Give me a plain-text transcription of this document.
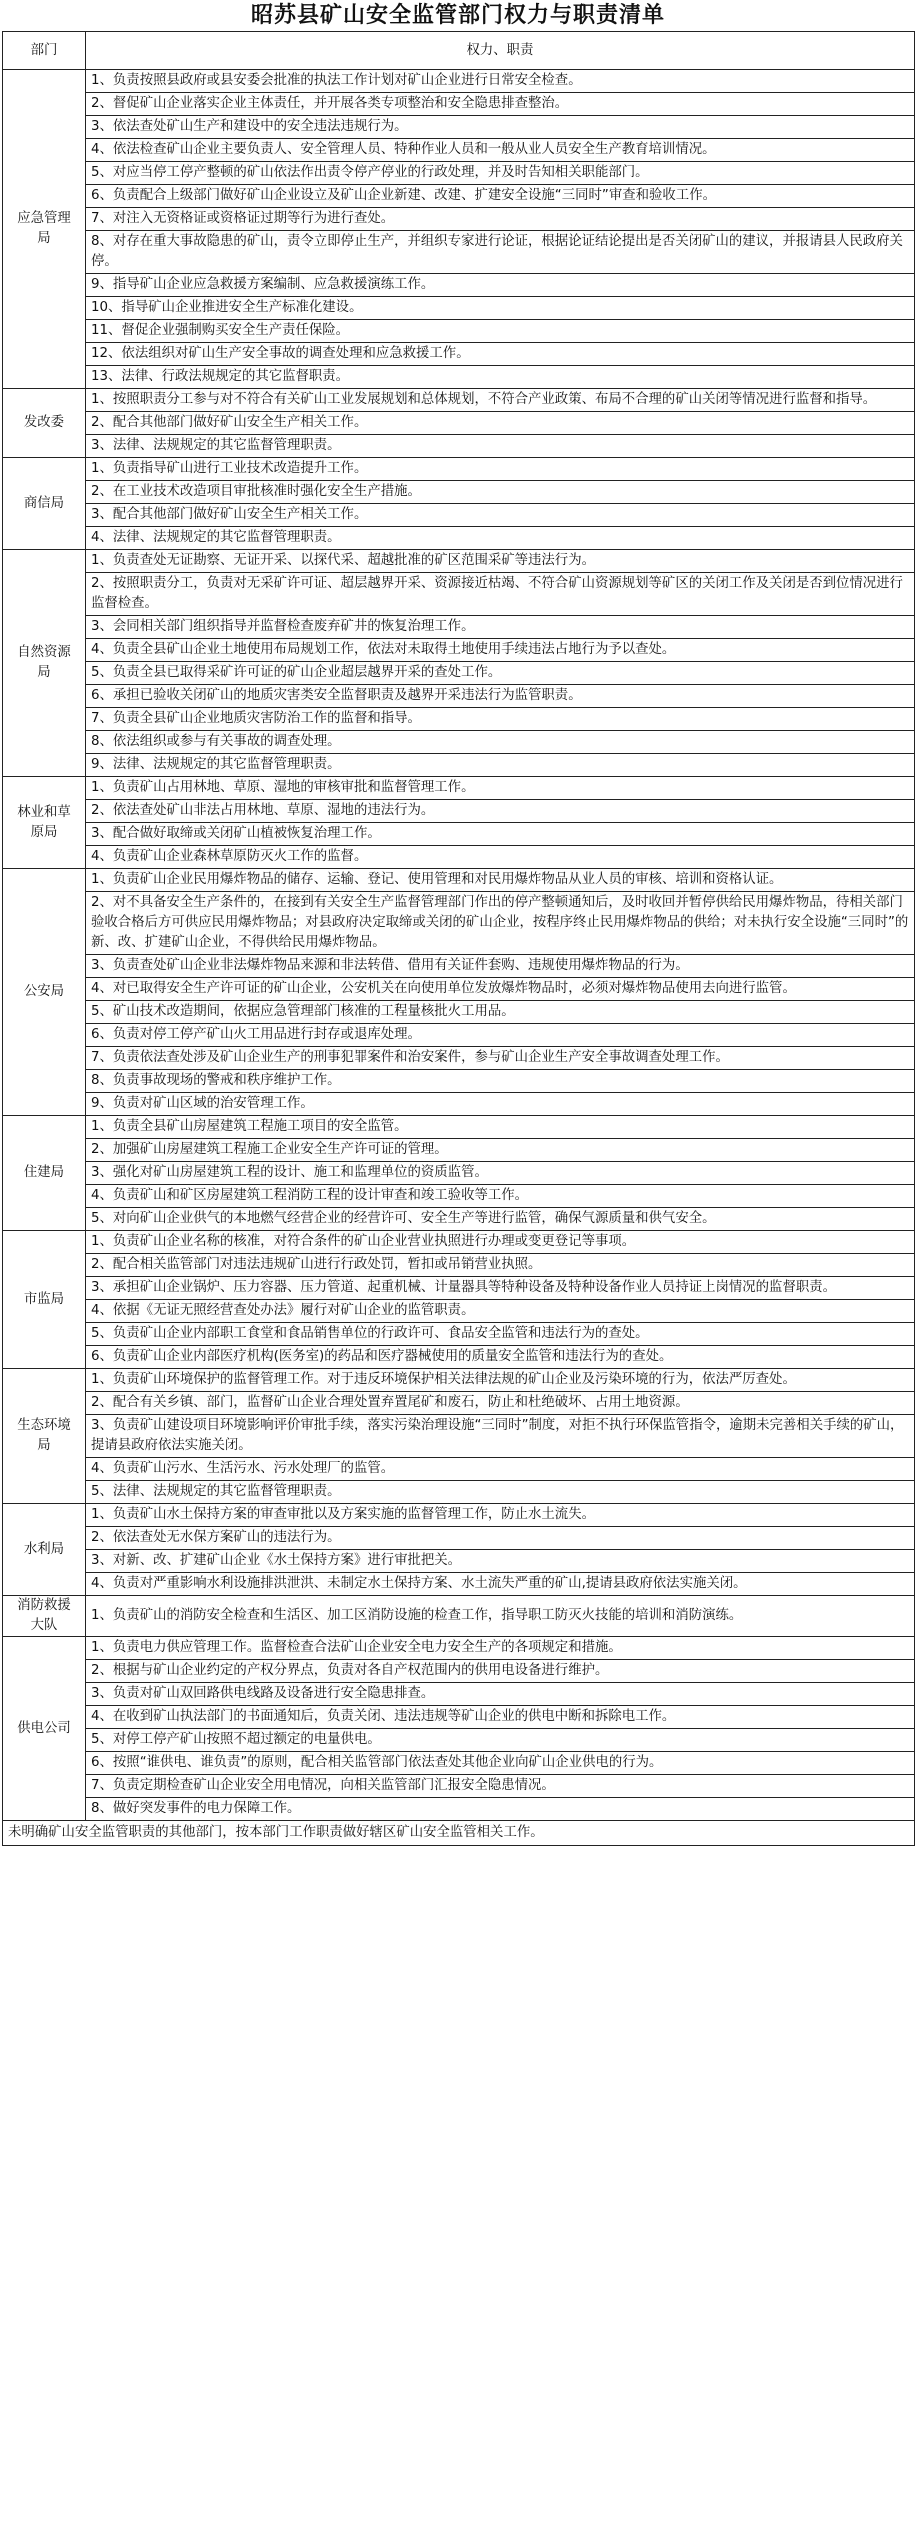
昭苏县矿山安全监管部门权力与职责清单
部门	权力、职责
应急管理局	1、负责按照县政府或县安委会批准的执法工作计划对矿山企业进行日常安全检查。
	2、督促矿山企业落实企业主体责任，并开展各类专项整治和安全隐患排查整治。
	3、依法查处矿山生产和建设中的安全违法违规行为。
	4、依法检查矿山企业主要负责人、安全管理人员、特种作业人员和一般从业人员安全生产教育培训情况。
	5、对应当停工停产整顿的矿山依法作出责令停产停业的行政处理，并及时告知相关职能部门。
	6、负责配合上级部门做好矿山企业设立及矿山企业新建、改建、扩建安全设施“三同时”审查和验收工作。
	7、对注入无资格证或资格证过期等行为进行查处。
	8、对存在重大事故隐患的矿山，责令立即停止生产，并组织专家进行论证，根据论证结论提出是否关闭矿山的建议，并报请县人民政府关停。
	9、指导矿山企业应急救援方案编制、应急救援演练工作。
	10、指导矿山企业推进安全生产标准化建设。
	11、督促企业强制购买安全生产责任保险。
	12、依法组织对矿山生产安全事故的调查处理和应急救援工作。
	13、法律、行政法规规定的其它监督职责。
发改委	1、按照职责分工参与对不符合有关矿山工业发展规划和总体规划，不符合产业政策、布局不合理的矿山关闭等情况进行监督和指导。
	2、配合其他部门做好矿山安全生产相关工作。
	3、法律、法规规定的其它监督管理职责。
商信局	1、负责指导矿山进行工业技术改造提升工作。
	2、在工业技术改造项目审批核准时强化安全生产措施。
	3、配合其他部门做好矿山安全生产相关工作。
	4、法律、法规规定的其它监督管理职责。
自然资源局	1、负责查处无证勘察、无证开采、以探代采、超越批准的矿区范围采矿等违法行为。
	2、按照职责分工，负责对无采矿许可证、超层越界开采、资源接近枯竭、不符合矿山资源规划等矿区的关闭工作及关闭是否到位情况进行监督检查。
	3、会同相关部门组织指导并监督检查废弃矿井的恢复治理工作。
	4、负责全县矿山企业土地使用布局规划工作，依法对未取得土地使用手续违法占地行为予以查处。
	5、负责全县已取得采矿许可证的矿山企业超层越界开采的查处工作。
	6、承担已验收关闭矿山的地质灾害类安全监督职责及越界开采违法行为监管职责。
	7、负责全县矿山企业地质灾害防治工作的监督和指导。
	8、依法组织或参与有关事故的调查处理。
	9、法律、法规规定的其它监督管理职责。
林业和草原局	1、负责矿山占用林地、草原、湿地的审核审批和监督管理工作。
	2、依法查处矿山非法占用林地、草原、湿地的违法行为。
	3、配合做好取缔或关闭矿山植被恢复治理工作。
	4、负责矿山企业森林草原防灭火工作的监督。
公安局	1、负责矿山企业民用爆炸物品的储存、运输、登记、使用管理和对民用爆炸物品从业人员的审核、培训和资格认证。
	2、对不具备安全生产条件的，在接到有关安全生产监督管理部门作出的停产整顿通知后，及时收回并暂停供给民用爆炸物品，待相关部门验收合格后方可供应民用爆炸物品；对县政府决定取缔或关闭的矿山企业，按程序终止民用爆炸物品的供给；对未执行安全设施“三同时”的新、改、扩建矿山企业，不得供给民用爆炸物品。
	3、负责查处矿山企业非法爆炸物品来源和非法转借、借用有关证件套购、违规使用爆炸物品的行为。
	4、对已取得安全生产许可证的矿山企业，公安机关在向使用单位发放爆炸物品时，必须对爆炸物品使用去向进行监管。
	5、矿山技术改造期间，依据应急管理部门核准的工程量核批火工用品。
	6、负责对停工停产矿山火工用品进行封存或退库处理。
	7、负责依法查处涉及矿山企业生产的刑事犯罪案件和治安案件，参与矿山企业生产安全事故调查处理工作。
	8、负责事故现场的警戒和秩序维护工作。
	9、负责对矿山区域的治安管理工作。
住建局	1、负责全县矿山房屋建筑工程施工项目的安全监管。
	2、加强矿山房屋建筑工程施工企业安全生产许可证的管理。
	3、强化对矿山房屋建筑工程的设计、施工和监理单位的资质监管。
	4、负责矿山和矿区房屋建筑工程消防工程的设计审查和竣工验收等工作。
	5、对向矿山企业供气的本地燃气经营企业的经营许可、安全生产等进行监管，确保气源质量和供气安全。
市监局	1、负责矿山企业名称的核准，对符合条件的矿山企业营业执照进行办理或变更登记等事项。
	2、配合相关监管部门对违法违规矿山进行行政处罚，暂扣或吊销营业执照。
	3、承担矿山企业锅炉、压力容器、压力管道、起重机械、计量器具等特种设备及特种设备作业人员持证上岗情况的监督职责。
	4、依据《无证无照经营查处办法》履行对矿山企业的监管职责。
	5、负责矿山企业内部职工食堂和食品销售单位的行政许可、食品安全监管和违法行为的查处。
	6、负责矿山企业内部医疗机构(医务室)的药品和医疗器械使用的质量安全监管和违法行为的查处。
生态环境局	1、负责矿山环境保护的监督管理工作。对于违反环境保护相关法律法规的矿山企业及污染环境的行为，依法严厉查处。
	2、配合有关乡镇、部门，监督矿山企业合理处置弃置尾矿和废石，防止和杜绝破坏、占用土地资源。
	3、负责矿山建设项目环境影响评价审批手续，落实污染治理设施“三同时”制度，对拒不执行环保监管指令，逾期未完善相关手续的矿山，提请县政府依法实施关闭。
	4、负责矿山污水、生活污水、污水处理厂的监管。
	5、法律、法规规定的其它监督管理职责。
水利局	1、负责矿山水土保持方案的审查审批以及方案实施的监督管理工作，防止水土流失。
	2、依法查处无水保方案矿山的违法行为。
	3、对新、改、扩建矿山企业《水土保持方案》进行审批把关。
	4、负责对严重影响水利设施排洪泄洪、未制定水土保持方案、水土流失严重的矿山,提请县政府依法实施关闭。
消防救援大队	1、负责矿山的消防安全检查和生活区、加工区消防设施的检查工作，指导职工防灭火技能的培训和消防演练。
供电公司	1、负责电力供应管理工作。监督检查合法矿山企业安全电力安全生产的各项规定和措施。
	2、根据与矿山企业约定的产权分界点，负责对各自产权范围内的供用电设备进行维护。
	3、负责对矿山双回路供电线路及设备进行安全隐患排查。
	4、在收到矿山执法部门的书面通知后，负责关闭、违法违规等矿山企业的供电中断和拆除电工作。
	5、对停工停产矿山按照不超过额定的电量供电。
	6、按照“谁供电、谁负责”的原则，配合相关监管部门依法查处其他企业向矿山企业供电的行为。
	7、负责定期检查矿山企业安全用电情况，向相关监管部门汇报安全隐患情况。
	8、做好突发事件的电力保障工作。
未明确矿山安全监管职责的其他部门，按本部门工作职责做好辖区矿山安全监管相关工作。	
